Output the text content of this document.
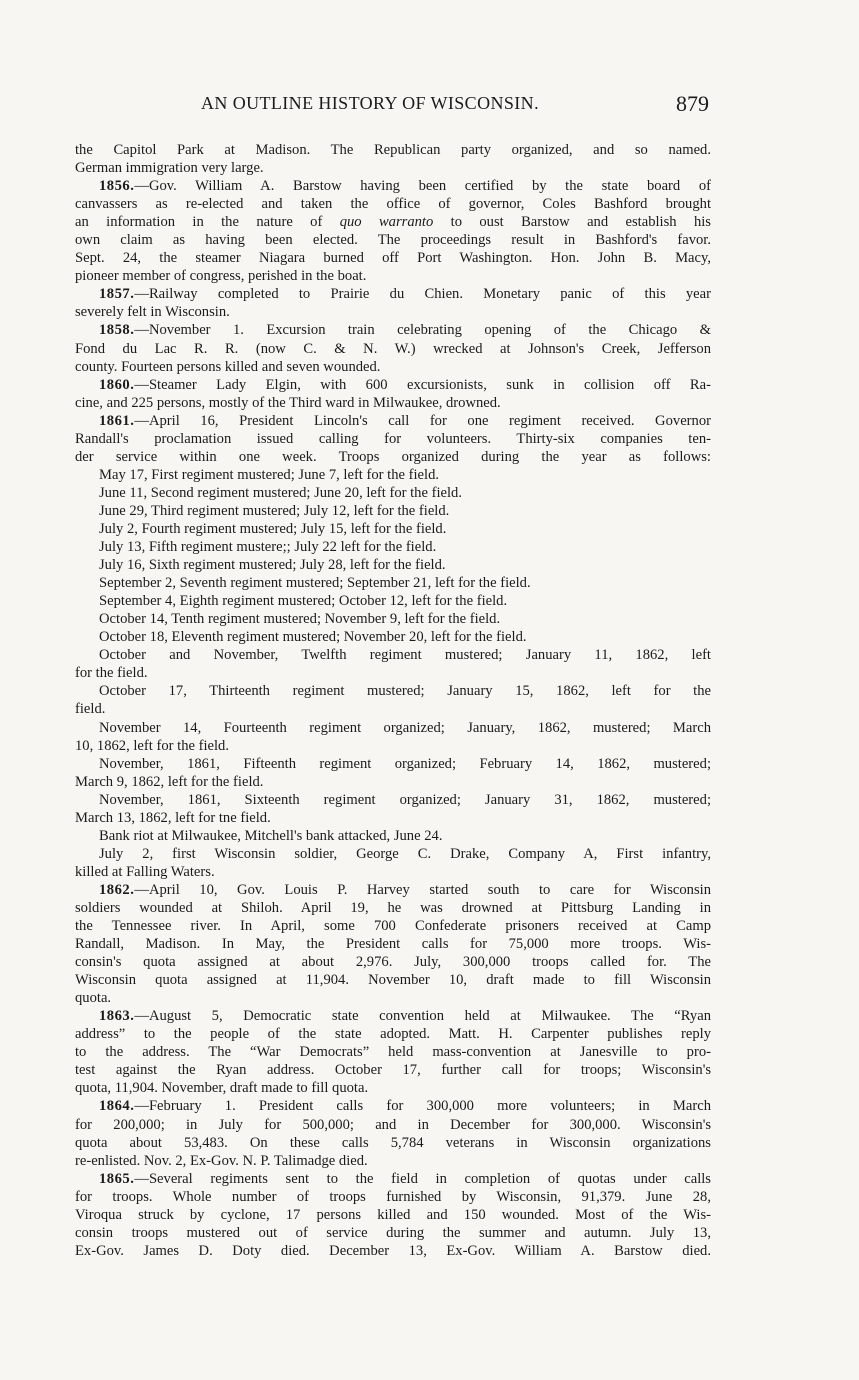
AN OUTLINE HISTORY OF WISCONSIN.	879
the Capitol Park at Madison. The Republican party organized, and so named.
German immigration very large.
1856.—Gov. William A. Barstow having been certified by the state board of
canvassers as re-elected and taken the office of governor, Coles Bashford brought
an information in the nature of quo warranto to oust Barstow and establish his
own claim as having been elected. The proceedings result in Bashford's favor.
Sept. 24, the steamer Niagara burned off Port Washington. Hon. John B. Macy,
pioneer member of congress, perished in the boat.
1857.—Railway completed to Prairie du Chien. Monetary panic of this year
severely felt in Wisconsin.
1858.—November 1. Excursion train celebrating opening of the Chicago &
Fond du Lac R. R. (now C. & N. W.) wrecked at Johnson's Creek, Jefferson
county. Fourteen persons killed and seven wounded.
1860.—Steamer Lady Elgin, with 600 excursionists, sunk in collision off Ra-
cine, and 225 persons, mostly of the Third ward in Milwaukee, drowned.
1861.—April 16, President Lincoln's call for one regiment received. Governor
Randall's proclamation issued calling for volunteers. Thirty-six companies ten-
der service within one week. Troops organized during the year as follows:
May 17, First regiment mustered; June 7, left for the field.
June 11, Second regiment mustered; June 20, left for the field.
June 29, Third regiment mustered; July 12, left for the field.
July 2, Fourth regiment mustered; July 15, left for the field.
July 13, Fifth regiment mustere;; July 22 left for the field.
July 16, Sixth regiment mustered; July 28, left for the field.
September 2, Seventh regiment mustered; September 21, left for the field.
September 4, Eighth regiment mustered; October 12, left for the field.
October 14, Tenth regiment mustered; November 9, left for the field.
October 18, Eleventh regiment mustered; November 20, left for the field.
October and November, Twelfth regiment mustered; January 11, 1862, left
for the field.
October 17, Thirteenth regiment mustered; January 15, 1862, left for the
field.
November 14, Fourteenth regiment organized; January, 1862, mustered; March
10, 1862, left for the field.
November, 1861, Fifteenth regiment organized; February 14, 1862, mustered;
March 9, 1862, left for the field.
November, 1861, Sixteenth regiment organized; January 31, 1862, mustered;
March 13, 1862, left for tne field.
Bank riot at Milwaukee, Mitchell's bank attacked, June 24.
July 2, first Wisconsin soldier, George C. Drake, Company A, First infantry,
killed at Falling Waters.
1862.—April 10, Gov. Louis P. Harvey started south to care for Wisconsin
soldiers wounded at Shiloh. April 19, he was drowned at Pittsburg Landing in
the Tennessee river. In April, some 700 Confederate prisoners received at Camp
Randall, Madison. In May, the President calls for 75,000 more troops. Wis-
consin's quota assigned at about 2,976. July, 300,000 troops called for. The
Wisconsin quota assigned at 11,904. November 10, draft made to fill Wisconsin
quota.
1863.—August 5, Democratic state convention held at Milwaukee. The “Ryan
address” to the people of the state adopted. Matt. H. Carpenter publishes reply
to the address. The “War Democrats” held mass-convention at Janesville to pro-
test against the Ryan address. October 17, further call for troops; Wisconsin's
quota, 11,904. November, draft made to fill quota.
1864.—February 1. President calls for 300,000 more volunteers; in March
for 200,000; in July for 500,000; and in December for 300,000. Wisconsin's
quota about 53,483. On these calls 5,784 veterans in Wisconsin organizations
re-enlisted. Nov. 2, Ex-Gov. N. P. Talimadge died.
1865.—Several regiments sent to the field in completion of quotas under calls
for troops. Whole number of troops furnished by Wisconsin, 91,379. June 28,
Viroqua struck by cyclone, 17 persons killed and 150 wounded. Most of the Wis-
consin troops mustered out of service during the summer and autumn. July 13,
Ex-Gov. James D. Doty died. December 13, Ex-Gov. William A. Barstow died.
